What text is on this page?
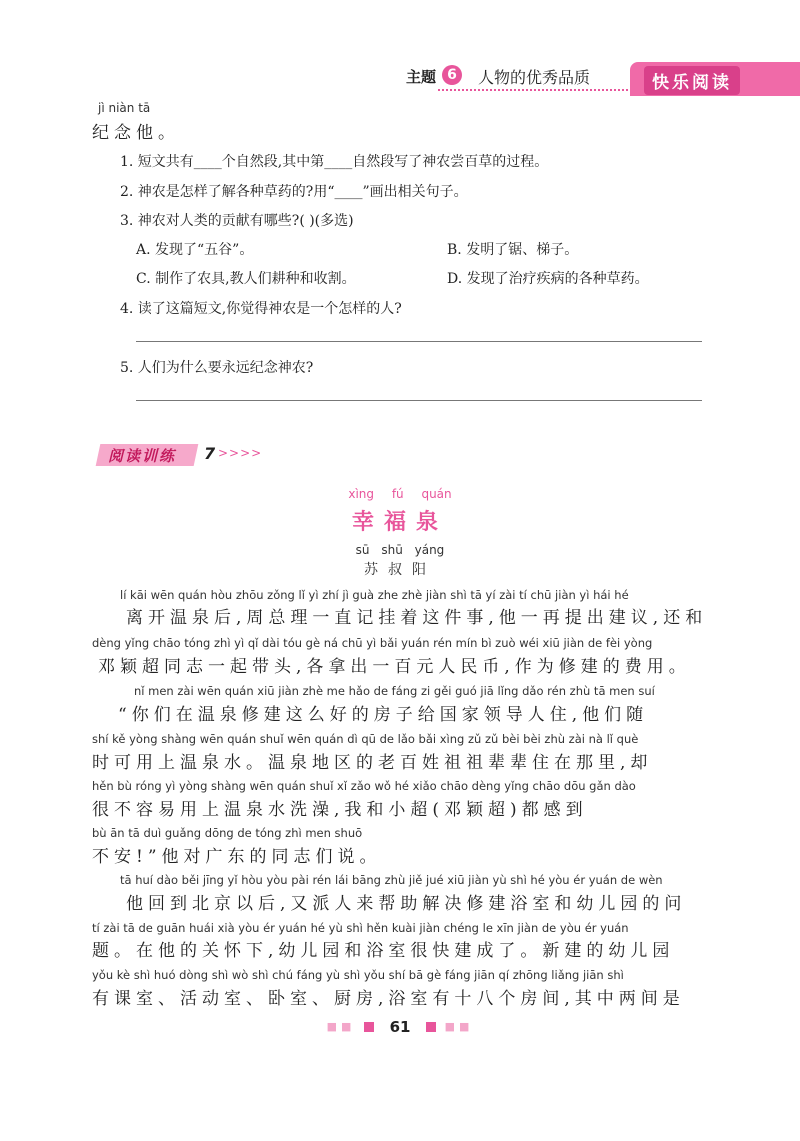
主题 6	人物的优秀品质	快乐阅读
jì niàn tā
纪念他。
1. 短文共有____个自然段,其中第____自然段写了神农尝百草的过程。
2. 神农是怎样了解各种草药的?用“____”画出相关句子。
3. 神农对人类的贡献有哪些?( )(多选)
A. 发现了“五谷”。	B. 发明了锯、梯子。
C. 制作了农具,教人们耕种和收割。	D. 发现了治疗疾病的各种草药。
4. 读了这篇短文,你觉得神农是一个怎样的人?
5. 人们为什么要永远纪念神农?
阅读训练 7 >>>>
xìng fú quán
幸福泉
sū shū yáng
苏叔阳
lí kāi wēn quán hòu zhōu zǒng lǐ yì zhí jì guà zhe zhè jiàn shì tā yí zài tí chū jiàn yì hái hé
离开温泉后,周总理一直记挂着这件事,他一再提出建议,还和
dèng yǐng chāo tóng zhì yì qǐ dài tóu gè ná chū yì bǎi yuán rén mín bì zuò wéi xiū jiàn de fèi yòng
邓颖超同志一起带头,各拿出一百元人民币,作为修建的费用。
nǐ men zài wēn quán xiū jiàn zhè me hǎo de fáng zi gěi guó jiā lǐng dǎo rén zhù tā men suí
“你们在温泉修建这么好的房子给国家领导人住,他们随
shí kě yòng shàng wēn quán shuǐ wēn quán dì qū de lǎo bǎi xìng zǔ zǔ bèi bèi zhù zài nà lǐ què
时可用上温泉水。温泉地区的老百姓祖祖辈辈住在那里,却
hěn bù róng yì yòng shàng wēn quán shuǐ xǐ zǎo wǒ hé xiǎo chāo dèng yǐng chāo dōu gǎn dào
很不容易用上温泉水洗澡,我和小超(邓颖超)都感到
bù ān tā duì guǎng dōng de tóng zhì men shuō
不安!”他对广东的同志们说。
tā huí dào běi jīng yǐ hòu yòu pài rén lái bāng zhù jiě jué xiū jiàn yù shì hé yòu ér yuán de wèn
他回到北京以后,又派人来帮助解决修建浴室和幼儿园的问
tí zài tā de guān huái xià yòu ér yuán hé yù shì hěn kuài jiàn chéng le xīn jiàn de yòu ér yuán
题。在他的关怀下,幼儿园和浴室很快建成了。新建的幼儿园
yǒu kè shì huó dòng shì wò shì chú fáng yù shì yǒu shí bā gè fáng jiān qí zhōng liǎng jiān shì
有课室、活动室、卧室、厨房,浴室有十八个房间,其中两间是
■■ 61	■■
